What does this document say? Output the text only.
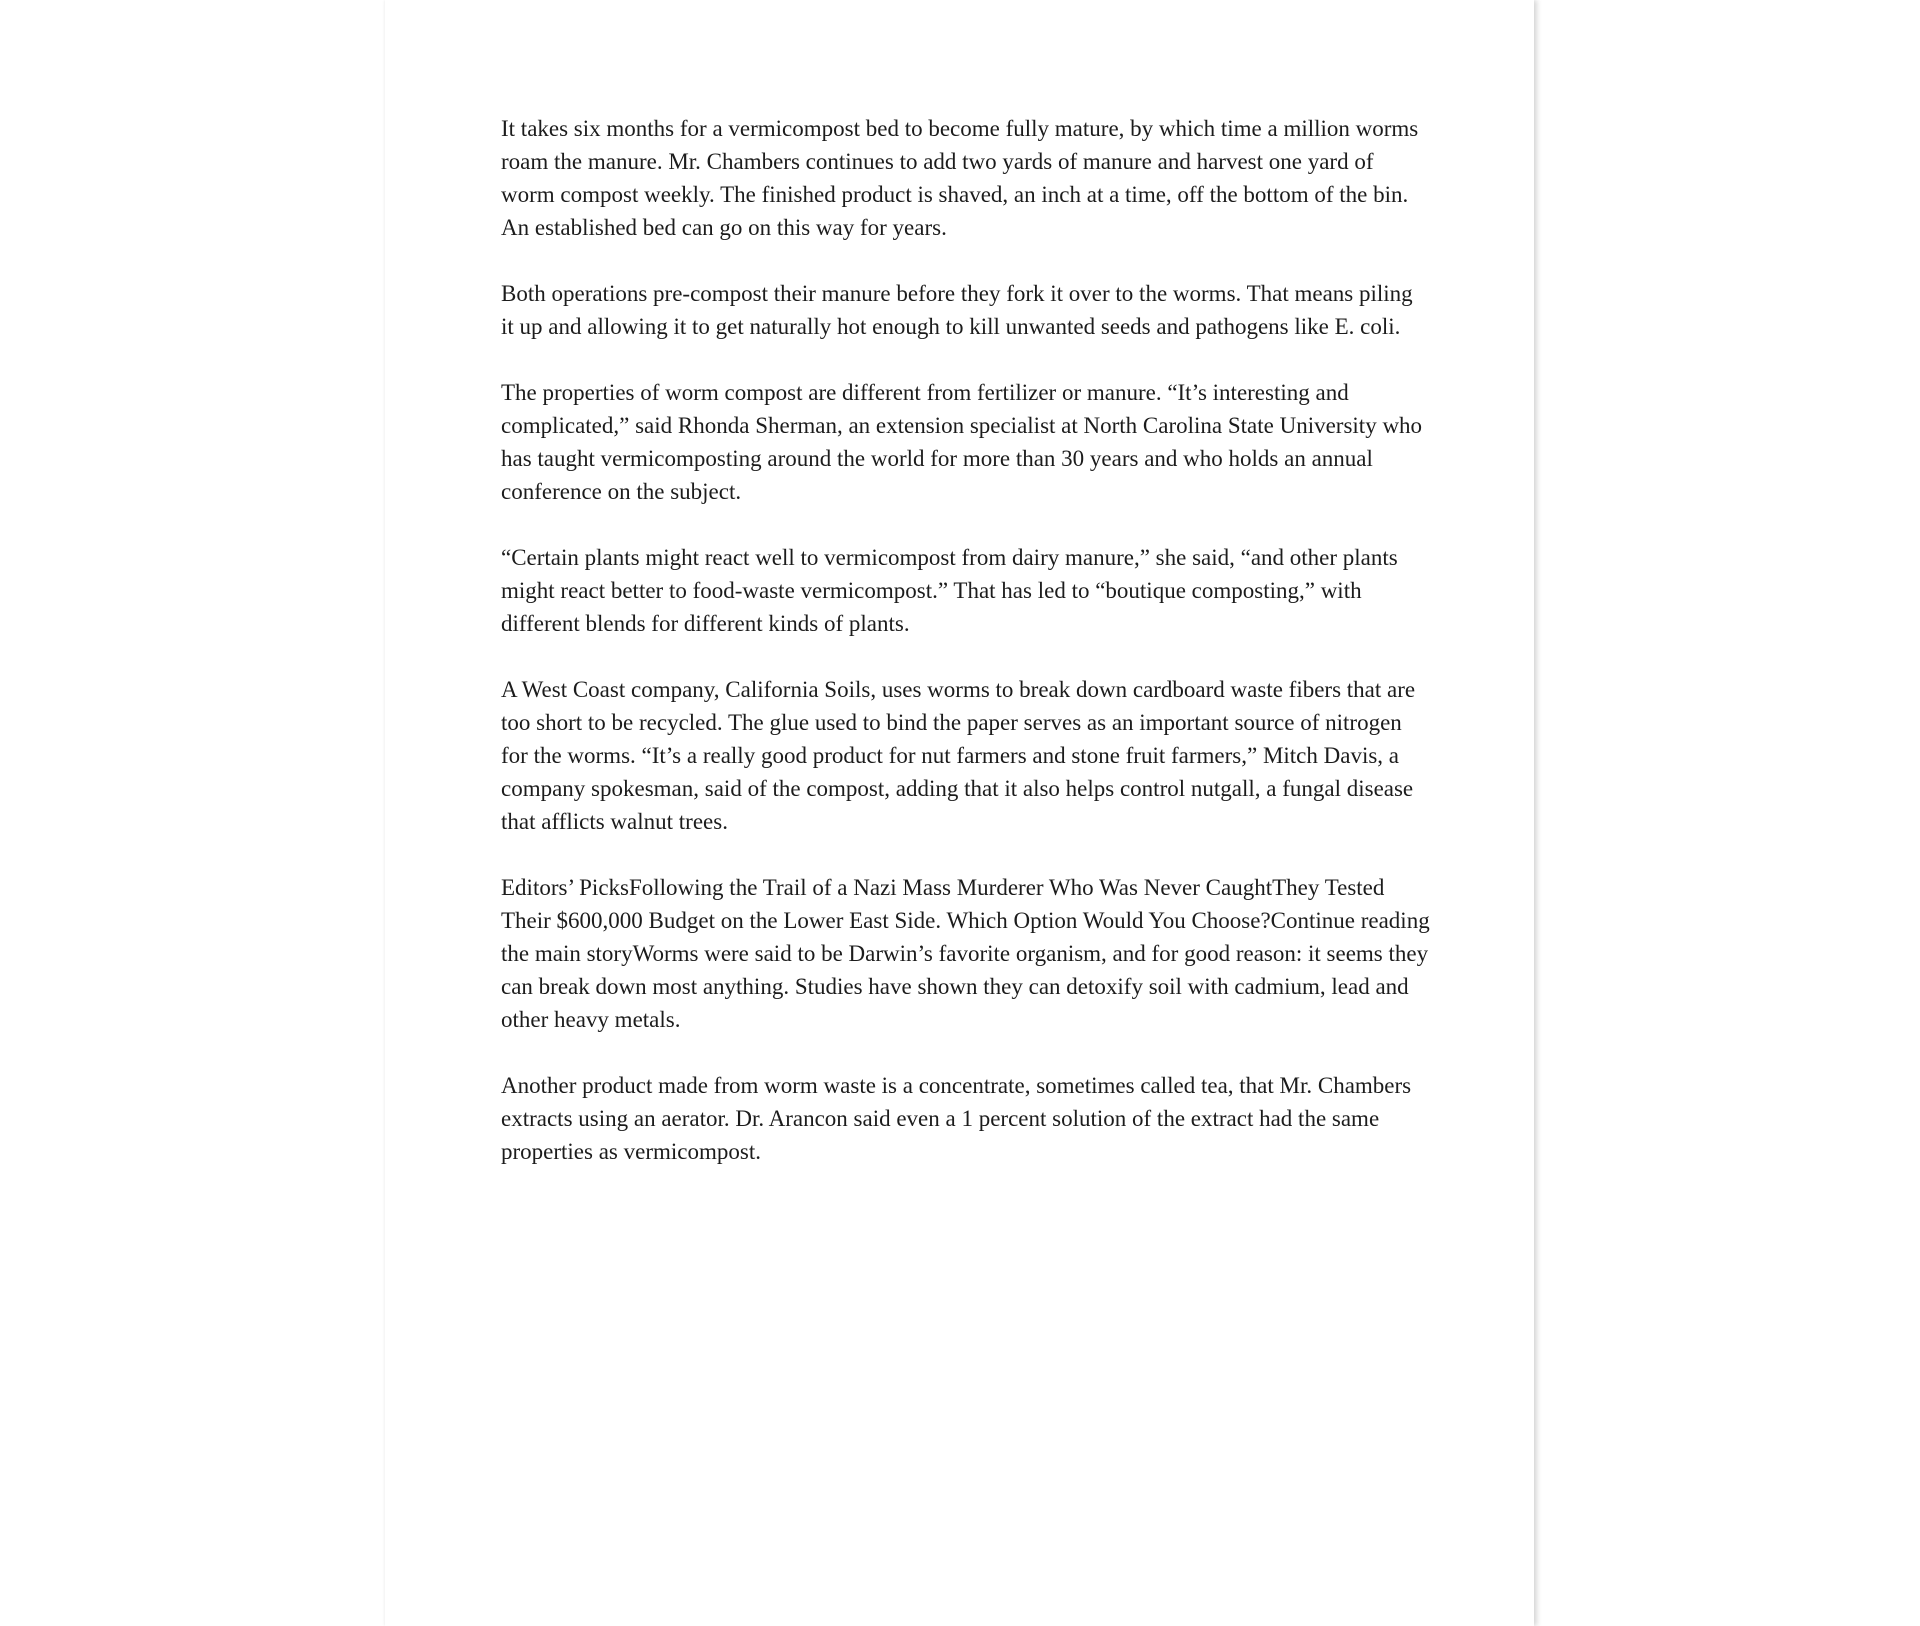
It takes six months for a vermicompost bed to become fully mature, by which time a million worms roam the manure. Mr. Chambers continues to add two yards of manure and harvest one yard of worm compost weekly. The finished product is shaved, an inch at a time, off the bottom of the bin. An established bed can go on this way for years.

Both operations pre-compost their manure before they fork it over to the worms. That means piling it up and allowing it to get naturally hot enough to kill unwanted seeds and pathogens like E. coli.

The properties of worm compost are different from fertilizer or manure. “It’s interesting and complicated,” said Rhonda Sherman, an extension specialist at North Carolina State University who has taught vermicomposting around the world for more than 30 years and who holds an annual conference on the subject.

“Certain plants might react well to vermicompost from dairy manure,” she said, “and other plants might react better to food-waste vermicompost.” That has led to “boutique composting,” with different blends for different kinds of plants.

A West Coast company, California Soils, uses worms to break down cardboard waste fibers that are too short to be recycled. The glue used to bind the paper serves as an important source of nitrogen for the worms. “It’s a really good product for nut farmers and stone fruit farmers,” Mitch Davis, a company spokesman, said of the compost, adding that it also helps control nutgall, a fungal disease that afflicts walnut trees.

Editors’ PicksFollowing the Trail of a Nazi Mass Murderer Who Was Never CaughtThey Tested Their $600,000 Budget on the Lower East Side. Which Option Would You Choose?Continue reading the main storyWorms were said to be Darwin’s favorite organism, and for good reason: it seems they can break down most anything. Studies have shown they can detoxify soil with cadmium, lead and other heavy metals.

Another product made from worm waste is a concentrate, sometimes called tea, that Mr. Chambers extracts using an aerator. Dr. Arancon said even a 1 percent solution of the extract had the same properties as vermicompost.
